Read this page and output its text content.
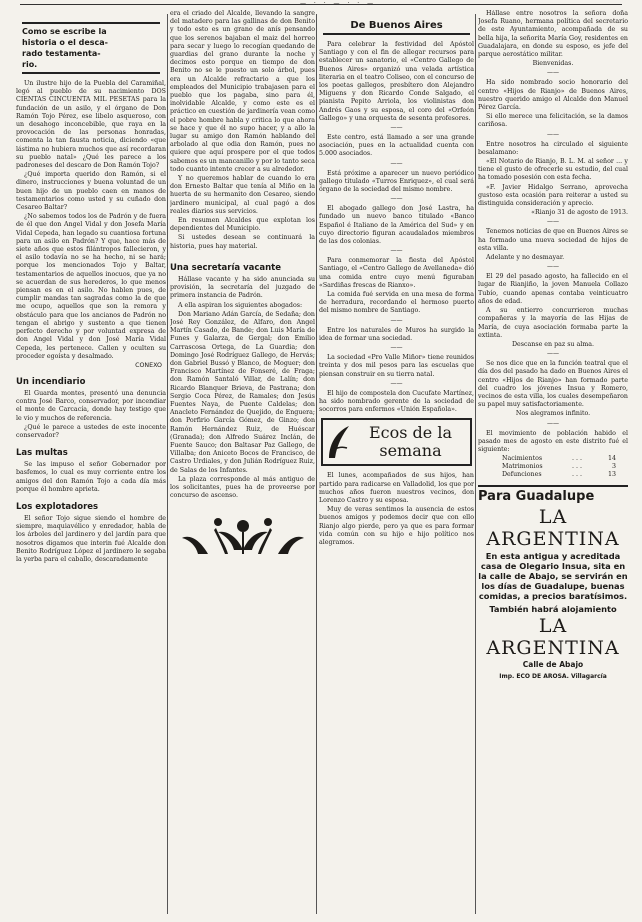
— · · — · · —
Como se escribe la
historia o el desca-
rado testamenta-
rio.

Un ilustre hijo de la Puebla del Caramiñal, legó al pueblo de su nacimiento DOS CIENTAS CINCUENTA MIL PESETAS para la fundación de un asilo, y el órgano de Don Ramón Tojo Pérez, ese libelo asqueroso, con un desahogo inconcebible, que raya en la provocación de las personas honradas, comenta la tan fausta noticia, diciendo «que lástima no hubiera muchos que así recordaran su pueblo natal» ¿Qué les parece a los padroneses del descaro de Don Ramón Tojo?

¿Qué importa querido don Ramón, si el dinero, instrucciones y buena voluntad de un buen hijo de un pueblo caen en manos de testamentarios como usted y su cuñado don Cesareo Baltar?

¿No sabemos todos los de Padrón y de fuera de él que don Angel Vidal y don Josefa María Vidal Cepeda, han legado su cuantiosa fortuna para un asilo en Padrón? Y que, hace más de siete años que estos filántropos fallecieron, y el asilo todavía no se ha hecho, ni se hará; porque los mencionados Tojo y Baltar, testamentarios de aquellos inocuos, que ya no se acuerdan de sus herederos, lo que menos piensan es en el asilo. No hablen pues, de cumplir mandas tan sagradas como la de que me ocupo, aquellos que son la remora y obstáculo para que los ancianos de Padrón no tengan el abrigo y sustento a que tienen perfecto derecho y por voluntad expresa de don Angel Vidal y don José María Vidal Cepeda, les pertenece. Callen y oculten su proceder egoísta y desalmado.

CONEXO
Un incendiario

El Guarda montes, presentó una denuncia contra José Barco, conservador, por incendiar el monte de Carcacía, donde hay testigo que le vio y muchos de referencia.

¿Qué le parece a ustedes de este inocente conservador?

Las multas

Se las impuso el señor Gobernador por basfemos, lo cual es muy corriente entre los amigos del don Ramón Tojo a cada día más porque él hombre aprieta.

Los explotadores

El señor Tojo sigue siendo el hombre de siempre, maquiavélico y enredador, habla de los árboles del jardinero y del jardín para que nosotros digamos que interin fué Alcalde don Benito Rodríguez López el jardinero le segaba la yerba para el caballo, descaradamente

era el criado del Alcalde, llevando la sangre del matadero para las gallinas de don Benito y todo esto es un grano de anís pensando que los serenos bajaban el maiz del horreo para secar y luego lo recogían quedando de guardias del grano durante la noche y decimos esto porque en tiempo de don Benito no se le puesto un solo árbol, pues era un Alcalde refractario a que los empleados del Municipio trabajasen para el pueblo que los pagaba, sino para él, inolvidable Alcalde, y como este es el práctico en cuestión de jardinería vean como el pobre hombre habla y critica lo que ahora se hace y que él no supo hacer, y a allo la lugar su amigo don Ramón hablando del arbolado al que odia don Ramón, pues no quiere que aquí prospere por el que todos sabemos es un mancanillo y por lo tanto seca todo cuanto intente crecer a su alrededor.

Y no queremos hablar de cuando lo era don Ernesto Baltar que tenía al Miño en la huerta de su hermanito don Cesareo, siendo jardinero municipal, al cual pagó a dos reales diarios sus servicios.

En resumen Alcaldes que explotan los dependientes del Municipio.

Si ustedes desean se continuará la historia, pues hay material.

Una secretaría vacante

Hállase vacante y ha sido anunciada su provisión, la secretaría del juzgado de primera instancia de Padrón.

A ella aspiran los siguientes abogados:

Don Mariano Adán García, de Sedaña; don José Rey González, de Alfaro, don Angel Martín Casado, de Bande; don Luis María de Funes y Galarza, de Gergal; don Emilio Carrascosa Ortega, de La Guardia; don Domingo José Rodríguez Gallego, de Hervás; don Gabriel Bussó y Blanco, de Moguer; don Francisco Martínez de Fonseré, de Fraga; don Ramón Santaló Villar, de Lalín; don Ricardo Blanquer Brieva, de Pastrana; don Sergio Coca Pérez, de Ramales; don Jesús Fuentes Naya, de Puente Caldelas; don Anacleto Fernández de Quejido, de Enguera; don Porfirio García Gómez, de Ginzo; don Ramón Hernández Ruiz, de Huéscar (Granada); don Alfredo Suárez Inclán, de Fuente Sauco; don Baltasar Paz Gallego, de Villalba; don Aniceto Bocos de Francisco, de Castro Urdiales, y don Julián Rodríguez Ruiz, de Salas de los Infantes.

La plaza corresponde al más antiguo de los solicitantes, pues ha de proveerse por concurso de ascenso.

De Buenos Aires

Para celebrar la festividad del Apóstol Santiago y con el fin de allegar recursos para establecer un sanatorio, el «Centro Gallego de Buenos Aires» organizó una velada artística literaria en el teatro Coliseo, con el concurso de los poetas gallegos, presbítero don Alejandro Miguens y don Ricardo Conde Salgado, el pianista Pepito Arriola, los violinistas don Andrés Gaos y su esposa, el coro del «Orfeón Gallego» y una orquesta de sesenta profesores.

——

Este centro, está llamado a ser una grande asociación, pues en la actualidad cuenta con 5.000 asociados.

——

Está próxime a aparecer un nuevo periódico gallego titulado «Turros Enriquez», el cual será órgano de la sociedad del mismo nombre.

——

El abogado gallego don José Lastra, ha fundado un nuevo banco titulado «Banco Español é Italiano de la América del Sud» y en cuyo directorio figuran acaudalados miembros de las dos colonias.

——

Para conmemorar la fiesta del Apóstol Santiago, el «Centro Gallego de Avellaneda» dió una comida entre cuyo menú figuraban «Sardiñas frescas de Rianxo».

La comida fué servida en una mesa de forma de herradura, recordando el hermoso puerto del mismo nombre de Santiago.

——

Entre los naturales de Muros ha surgido la idea de formar una sociedad.

——

La sociedad «Pro Valle Miñor» tiene reunidos treinta y dos mil pesos para las escuelas que piensan construir en su tierra natal.

——

El hijo de compostela don Cucufate Martínez, ha sido nombrado gerente de la sociedad de socorros para enfermos «Unión Española».

Ecos de la
semana

El lunes, acompañados de sus hijos, han partido para radicarse en Valladolid, los que por muchos años fueron nuestros vecinos, don Lorenzo Castro y su esposa.

Muy de veras sentimos la ausencia de estos buenos amigos y podemos decir que con ello Rianjo algo pierde, pero ya que es para formar vida común con su hijo e hijo político nos alegramos.

Hállase entre nosotros la señora doña Josefa Ruano, hermana política del secretario de este Ayuntamiento, acompañada de su bella hija, la señorita María Goy, residentes en Guadalajara, en donde su esposo, es jefe del parque aerostático militar.

Bienvenidas.

——

Ha sido nombrado socio honorario del centro «Hijos de Rianjo» de Buenos Aires, nuestro querido amigo el Alcalde don Manuel Pérez García.

Si ello merece una felicitación, se la damos cariñosa.

——

Entre nosotros ha circulado el siguiente besalamano:

«El Notario de Rianjo, B. L. M. al señor ... y tiene el gusto de ofrecerle su estudio, del cual ha tomado posesión con esta fecha.

«F. Javier Hidalgo Serrano, aprovecha gustoso esta ocasión para reiterar a usted su distinguida consideración y aprecio.

«Rianjo 31 de agosto de 1913.

——

Tenemos noticias de que en Buenos Aires se ha formado una nueva sociedad de hijos de esta villa.

Adelante y no desmayar.

——

El 29 del pasado agosto, ha fallecido en el lugar de Rianjiño, la joven Manuela Collazo Tubío, cuando apenas contaba veinticuatro años de edad.

A su entierro concurrieron muchas compañeras y la mayoría de las Hijas de María, de cuya asociación formaba parte la extinta.

Descanse en paz su alma.

——

Se nos dice que en la función teatral que el día dos del pasado ha dado en Buenos Aires el centro «Hijos de Rianjo» han formado parte del cuadro los jóvenes Insua y Romero, vecinos de esta villa, los cuales desempeñaron su papel muy satisfactoriamente.

Nos alegramos infinito.

——

El movimiento de población habido el pasado mes de agosto en este distrito fué el siguiente:

Nacimientos	. . .	14
Matrimonios	. . .	3
Defunciones	. . .	13
Para Guadalupe
LA ARGENTINA
En esta antigua y acreditada casa de Olegario Insua, sita en la calle de Abajo, se servirán en los días de Guadalupe, buenas comidas, a precios baratísimos.
También habrá alojamiento
LA ARGENTINA
Calle de Abajo
Imp. ECO DE AROSA. Villagarcía
